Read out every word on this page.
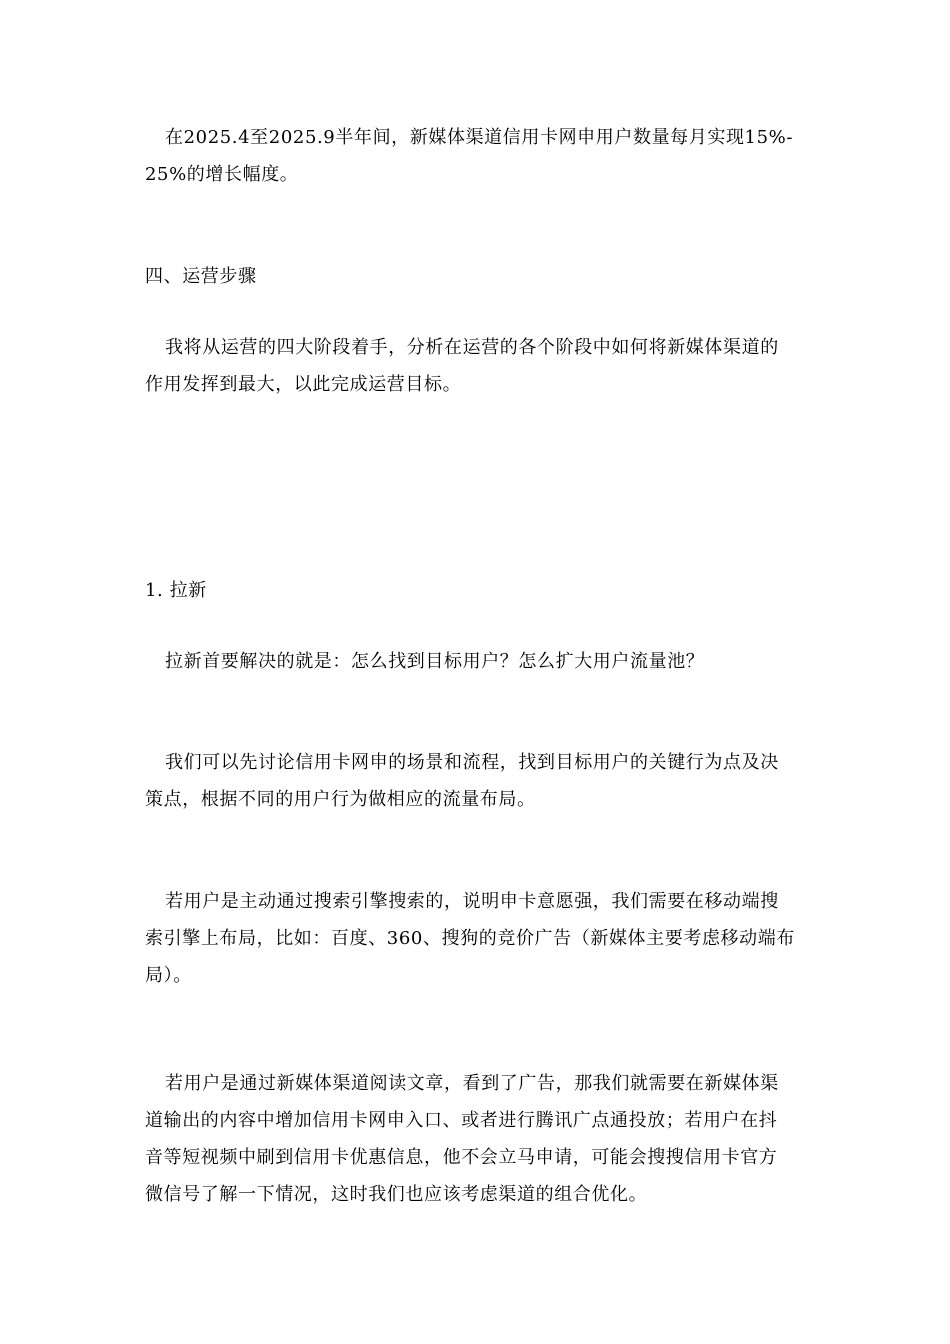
在2025.4至2025.9半年间，新媒体渠道信用卡网申用户数量每月实现15%-
25%的增长幅度。
四、运营步骤
我将从运营的四大阶段着手，分析在运营的各个阶段中如何将新媒体渠道的
作用发挥到最大，以此完成运营目标。
1. 拉新
拉新首要解决的就是：怎么找到目标用户？怎么扩大用户流量池？
我们可以先讨论信用卡网申的场景和流程，找到目标用户的关键行为点及决
策点，根据不同的用户行为做相应的流量布局。
若用户是主动通过搜索引擎搜索的，说明申卡意愿强，我们需要在移动端搜
索引擎上布局，比如：百度、360、搜狗的竞价广告（新媒体主要考虑移动端布
局）。
若用户是通过新媒体渠道阅读文章，看到了广告，那我们就需要在新媒体渠
道输出的内容中增加信用卡网申入口、或者进行腾讯广点通投放；若用户在抖
音等短视频中刷到信用卡优惠信息，他不会立马申请，可能会搜搜信用卡官方
微信号了解一下情况，这时我们也应该考虑渠道的组合优化。
